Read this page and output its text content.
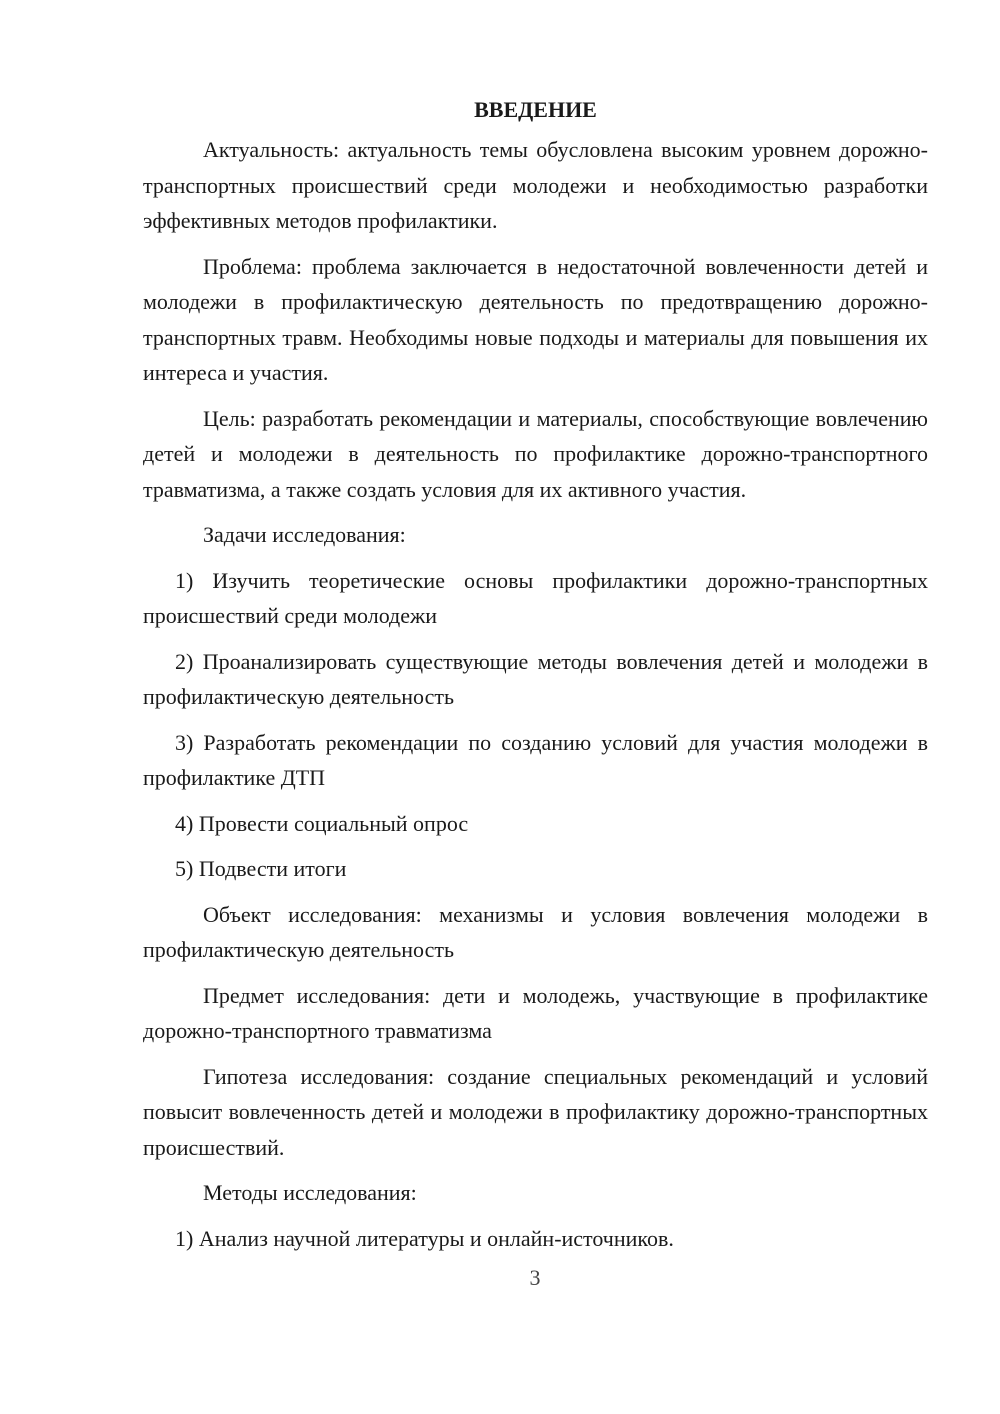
ВВЕДЕНИЕ

Актуальность: актуальность темы обусловлена высоким уровнем дорожно-транспортных происшествий среди молодежи и необходимостью разработки эффективных методов профилактики.

Проблема: проблема заключается в недостаточной вовлеченности детей и молодежи в профилактическую деятельность по предотвращению дорожно-транспортных травм. Необходимы новые подходы и материалы для повышения их интереса и участия.

Цель: разработать рекомендации и материалы, способствующие вовлечению детей и молодежи в деятельность по профилактике дорожно-транспортного травматизма, а также создать условия для их активного участия.

Задачи исследования:

1) Изучить теоретические основы профилактики дорожно-транспортных происшествий среди молодежи

2) Проанализировать существующие методы вовлечения детей и молодежи в профилактическую деятельность

3) Разработать рекомендации по созданию условий для участия молодежи в профилактике ДТП

4) Провести социальный опрос

5) Подвести итоги

Объект исследования: механизмы и условия вовлечения молодежи в профилактическую деятельность

Предмет исследования: дети и молодежь, участвующие в профилактике дорожно-транспортного травматизма

Гипотеза исследования: создание специальных рекомендаций и условий повысит вовлеченность детей и молодежи в профилактику дорожно-транспортных происшествий.

Методы исследования:

1) Анализ научной литературы и онлайн-источников.

3
